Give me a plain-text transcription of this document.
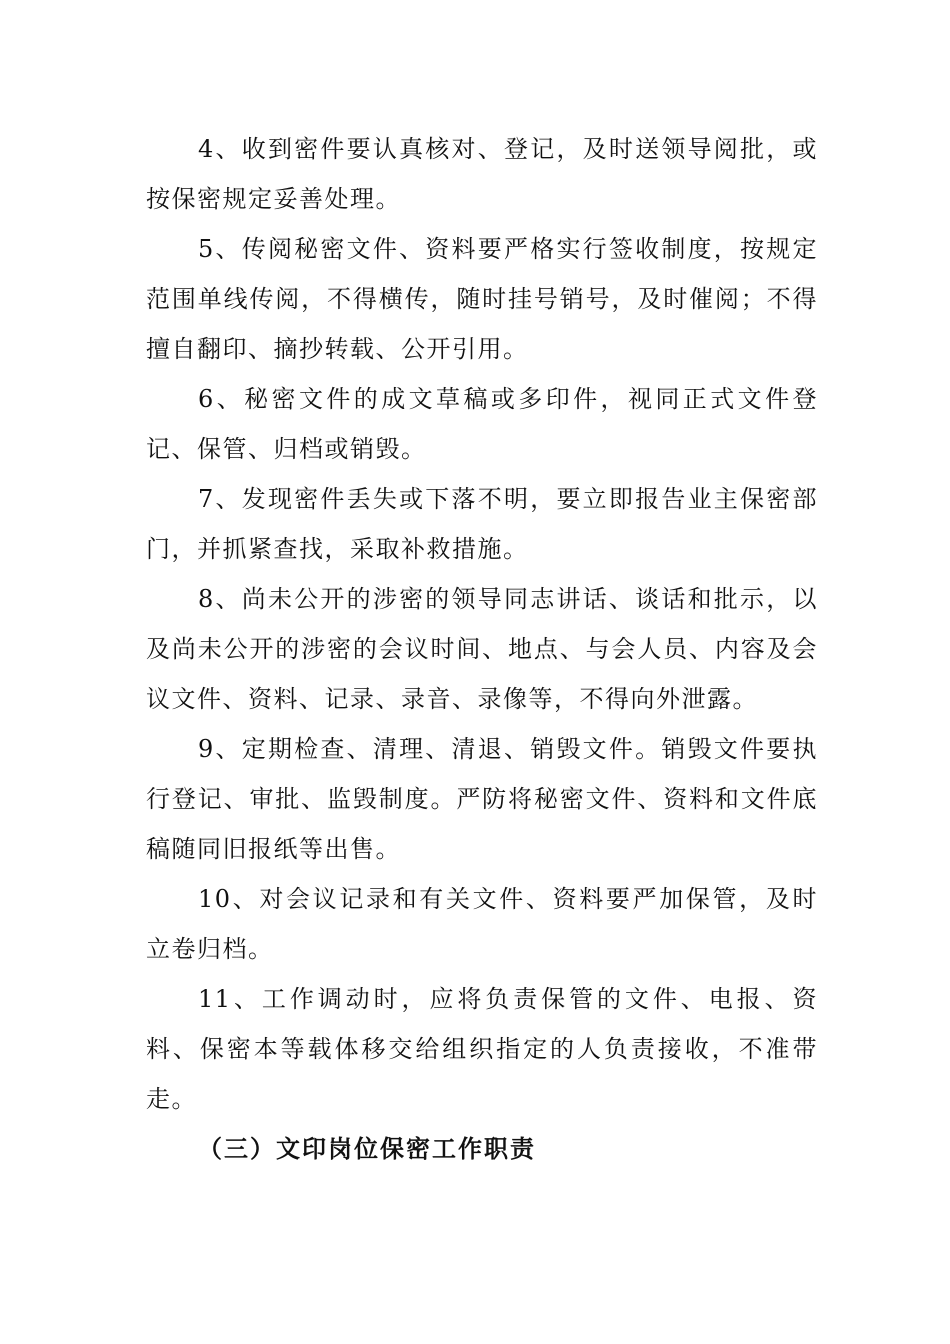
4、收到密件要认真核对、登记，及时送领导阅批，或按保密规定妥善处理。

5、传阅秘密文件、资料要严格实行签收制度，按规定范围单线传阅，不得横传，随时挂号销号，及时催阅；不得擅自翻印、摘抄转载、公开引用。

6、秘密文件的成文草稿或多印件，视同正式文件登记、保管、归档或销毁。

7、发现密件丢失或下落不明，要立即报告业主保密部门，并抓紧查找，采取补救措施。

8、尚未公开的涉密的领导同志讲话、谈话和批示，以及尚未公开的涉密的会议时间、地点、与会人员、内容及会议文件、资料、记录、录音、录像等，不得向外泄露。

9、定期检查、清理、清退、销毁文件。销毁文件要执行登记、审批、监毁制度。严防将秘密文件、资料和文件底稿随同旧报纸等出售。

10、对会议记录和有关文件、资料要严加保管，及时立卷归档。

11、工作调动时，应将负责保管的文件、电报、资料、保密本等载体移交给组织指定的人负责接收，不准带走。

（三）文印岗位保密工作职责
